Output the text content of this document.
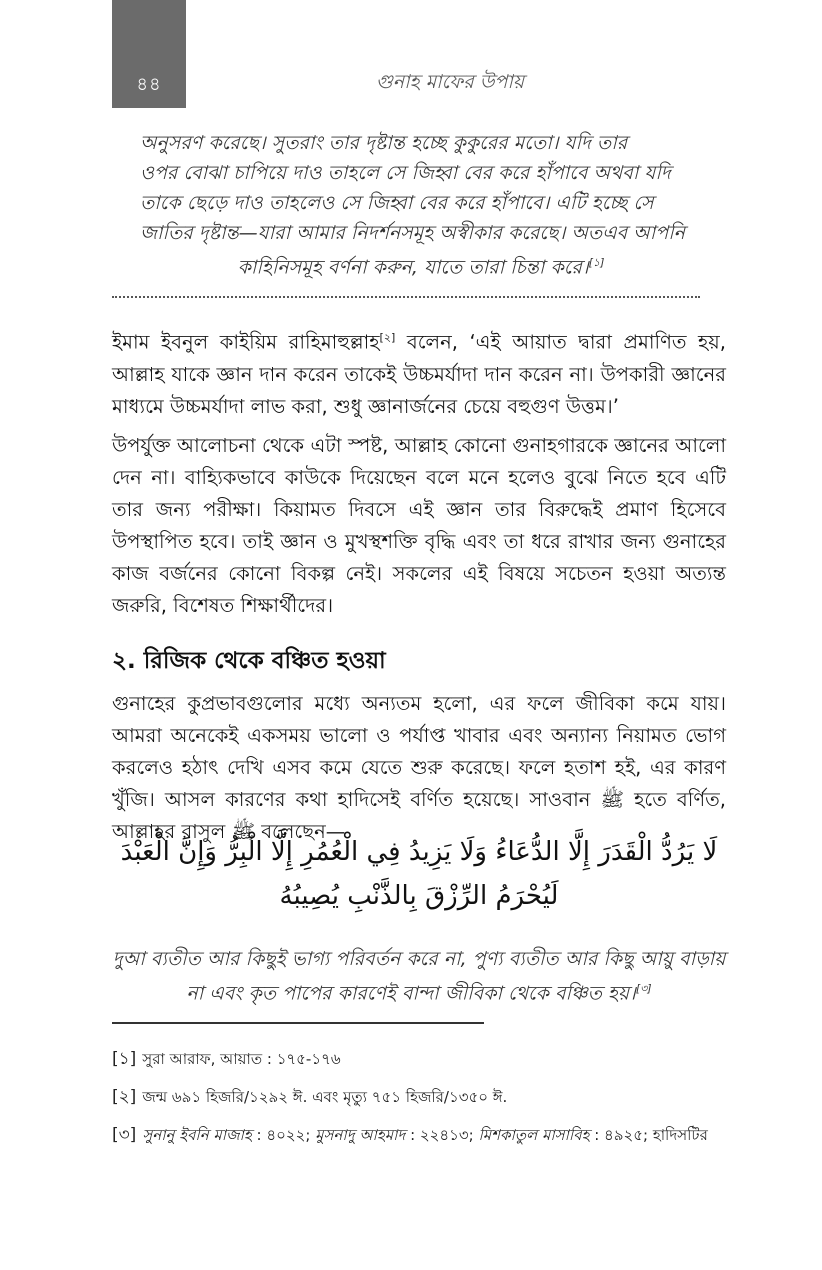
৪৪	গুনাহ মাফের উপায়
অনুসরণ করেছে। সুতরাং তার দৃষ্টান্ত হচ্ছে কুকুরের মতো। যদি তার
ওপর বোঝা চাপিয়ে দাও তাহলে সে জিহ্বা বের করে হাঁপাবে অথবা যদি
তাকে ছেড়ে দাও তাহলেও সে জিহ্বা বের করে হাঁপাবে। এটি হচ্ছে সে
জাতির দৃষ্টান্ত—যারা আমার নিদর্শনসমূহ অস্বীকার করেছে। অতএব আপনি
কাহিনিসমূহ বর্ণনা করুন, যাতে তারা চিন্তা করে।[১]
ইমাম ইবনুল কাইয়িম রাহিমাহুল্লাহ[২] বলেন, ‘এই আয়াত দ্বারা প্রমাণিত হয়, আল্লাহ যাকে জ্ঞান দান করেন তাকেই উচ্চমর্যাদা দান করেন না। উপকারী জ্ঞানের মাধ্যমে উচ্চমর্যাদা লাভ করা, শুধু জ্ঞানার্জনের চেয়ে বহুগুণ উত্তম।’
উপর্যুক্ত আলোচনা থেকে এটা স্পষ্ট, আল্লাহ কোনো গুনাহগারকে জ্ঞানের আলো দেন না। বাহ্যিকভাবে কাউকে দিয়েছেন বলে মনে হলেও বুঝে নিতে হবে এটি তার জন্য পরীক্ষা। কিয়ামত দিবসে এই জ্ঞান তার বিরুদ্ধেই প্রমাণ হিসেবে উপস্থাপিত হবে। তাই জ্ঞান ও মুখস্থশক্তি বৃদ্ধি এবং তা ধরে রাখার জন্য গুনাহের কাজ বর্জনের কোনো বিকল্প নেই। সকলের এই বিষয়ে সচেতন হওয়া অত্যন্ত জরুরি, বিশেষত শিক্ষার্থীদের।
২. রিজিক থেকে বঞ্চিত হওয়া
গুনাহের কুপ্রভাবগুলোর মধ্যে অন্যতম হলো, এর ফলে জীবিকা কমে যায়। আমরা অনেকেই একসময় ভালো ও পর্যাপ্ত খাবার এবং অন্যান্য নিয়ামত ভোগ করলেও হঠাৎ দেখি এসব কমে যেতে শুরু করেছে। ফলে হতাশ হই, এর কারণ খুঁজি। আসল কারণের কথা হাদিসেই বর্ণিত হয়েছে। সাওবান ﷺ হতে বর্ণিত, আল্লাহর রাসুল ﷺ বলেছেন—
لَا يَرُدُّ الْقَدَرَ إِلَّا الدُّعَاءُ وَلَا يَزِيدُ فِي الْعُمُرِ إِلَّا الْبِرُّ وَإِنَّ الْعَبْدَ لَيُحْرَمُ الرِّزْقَ بِالذَّنْبِ يُصِيبُهُ
দুআ ব্যতীত আর কিছুই ভাগ্য পরিবর্তন করে না, পুণ্য ব্যতীত আর কিছু আয়ু বাড়ায় না এবং কৃত পাপের কারণেই বান্দা জীবিকা থেকে বঞ্চিত হয়।[৩]
[১] সুরা আরাফ, আয়াত : ১৭৫-১৭৬
[২] জন্ম ৬৯১ হিজরি/১২৯২ ঈ. এবং মৃত্যু ৭৫১ হিজরি/১৩৫০ ঈ.
[৩] সুনানু ইবনি মাজাহ : ৪০২২; মুসনাদু আহমাদ : ২২৪১৩; মিশকাতুল মাসাবিহ : ৪৯২৫; হাদিসটির
